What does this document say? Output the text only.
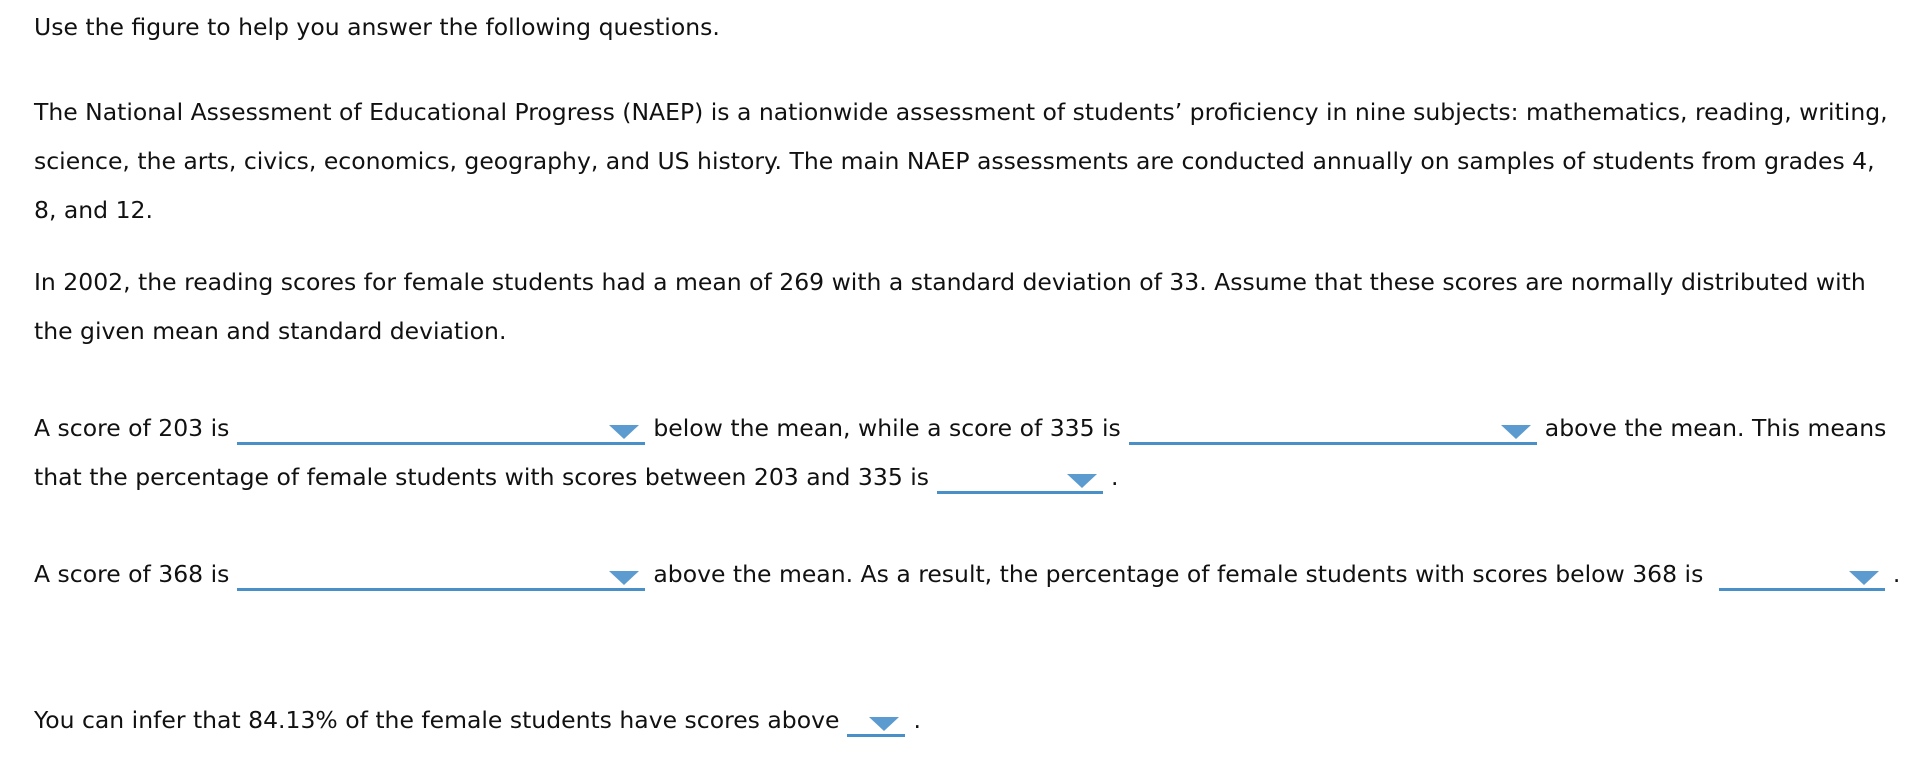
Use the figure to help you answer the following questions.

The National Assessment of Educational Progress (NAEP) is a nationwide assessment of students’ proficiency in nine subjects: mathematics, reading, writing, science, the arts, civics, economics, geography, and US history. The main NAEP assessments are conducted annually on samples of students from grades 4, 8, and 12.

In 2002, the reading scores for female students had a mean of 269 with a standard deviation of 33. Assume that these scores are normally distributed with the given mean and standard deviation.

A score of 203 is	below the mean, while a score of 335 is	above the mean. This means that the percentage of female students with scores between 203 and 335 is	.

A score of 368 is	above the mean. As a result, the percentage of female students with scores below 368 is	.

You can infer that 84.13% of the female students have scores above	.
